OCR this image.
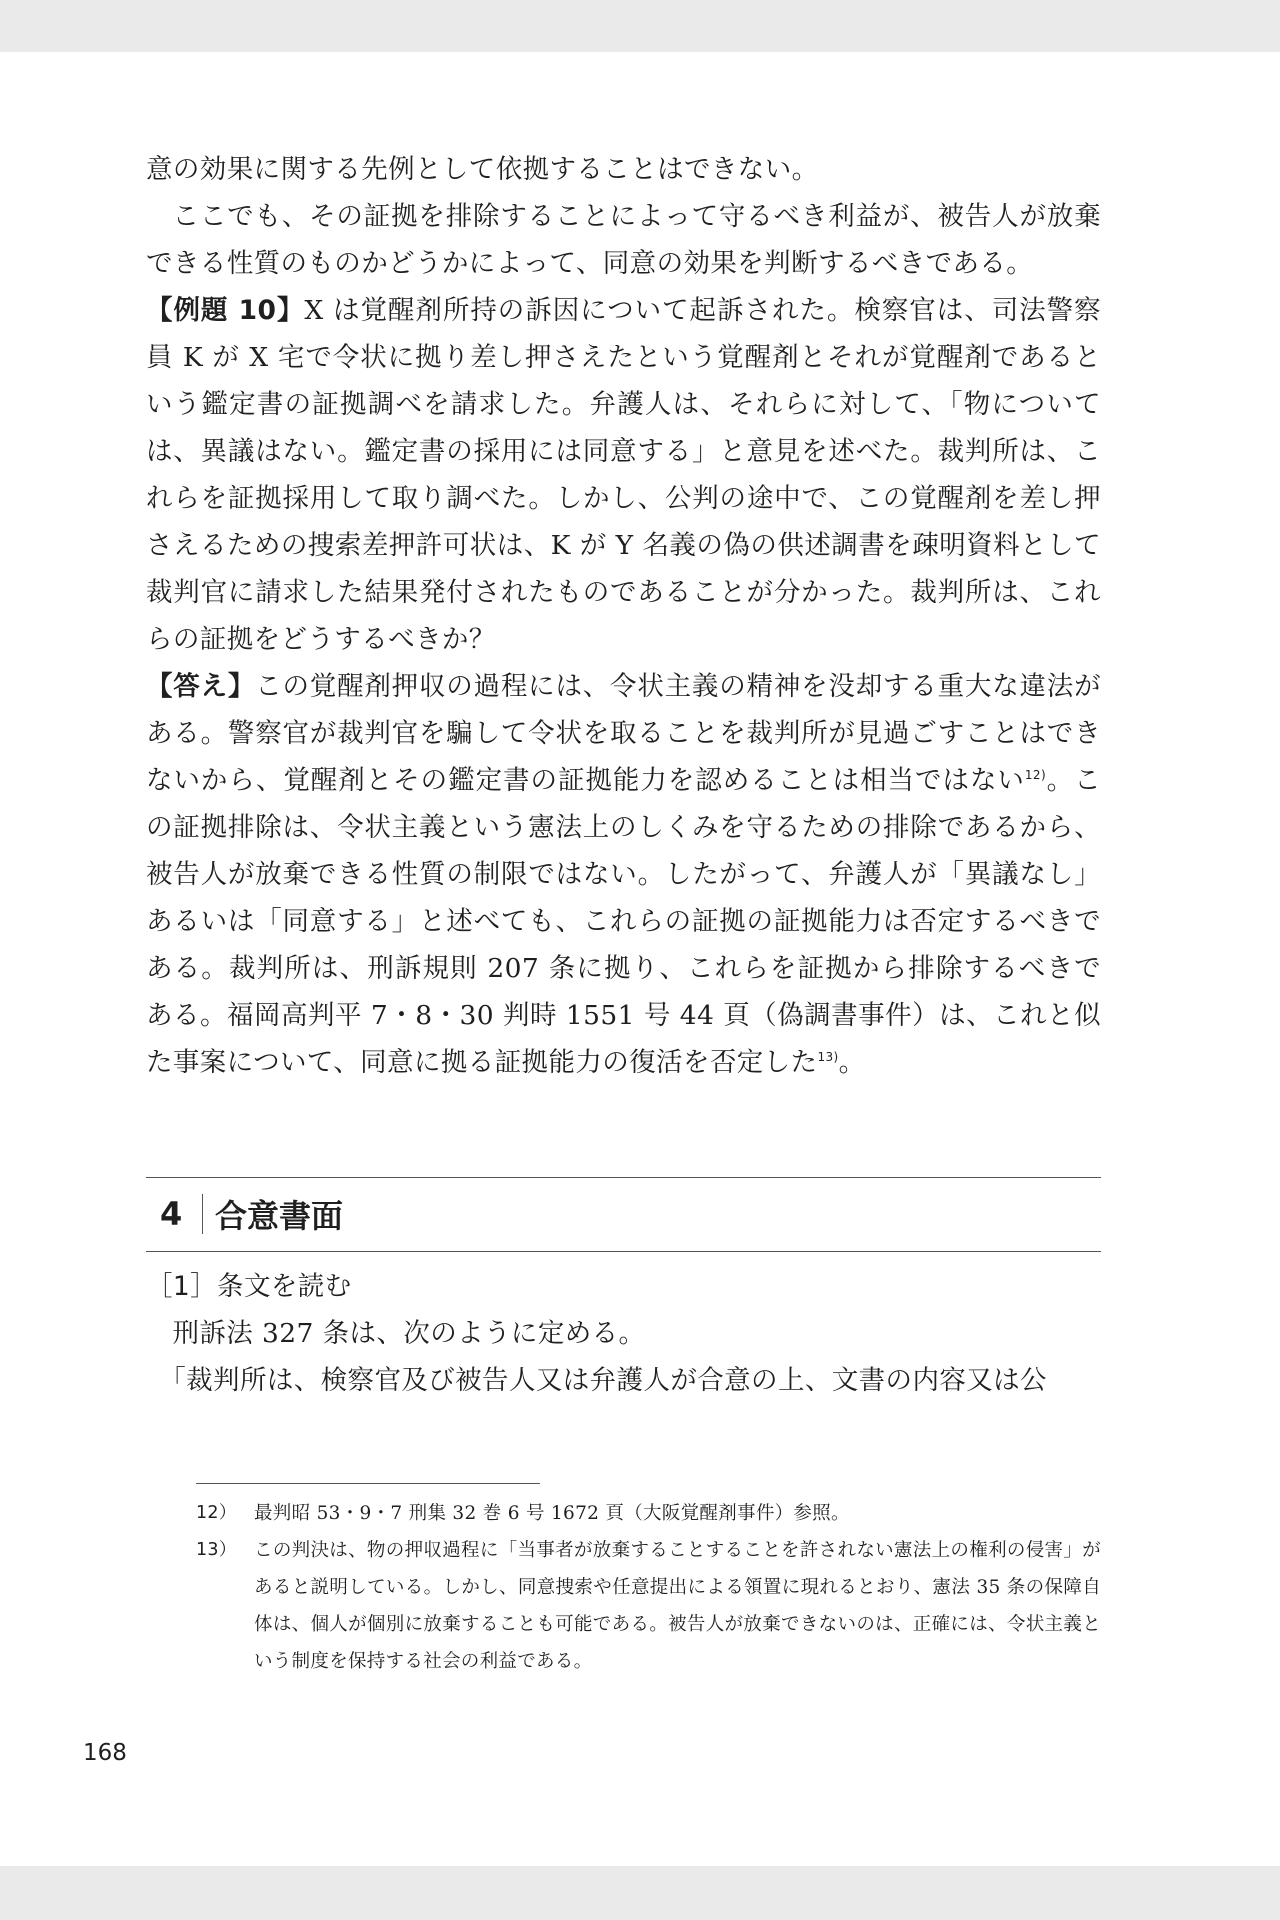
意の効果に関する先例として依拠することはできない。

ここでも、その証拠を排除することによって守るべき利益が、被告人が放棄できる性質のものかどうかによって、同意の効果を判断するべきである。

【例題 10】X は覚醒剤所持の訴因について起訴された。検察官は、司法警察員 K が X 宅で令状に拠り差し押さえたという覚醒剤とそれが覚醒剤であるという鑑定書の証拠調べを請求した。弁護人は、それらに対して、「物については、異議はない。鑑定書の採用には同意する」と意見を述べた。裁判所は、これらを証拠採用して取り調べた。しかし、公判の途中で、この覚醒剤を差し押さえるための捜索差押許可状は、K が Y 名義の偽の供述調書を疎明資料として裁判官に請求した結果発付されたものであることが分かった。裁判所は、これらの証拠をどうするべきか？

【答え】この覚醒剤押収の過程には、令状主義の精神を没却する重大な違法がある。警察官が裁判官を騙して令状を取ることを裁判所が見過ごすことはできないから、覚醒剤とその鑑定書の証拠能力を認めることは相当ではない$^{12)}$。この証拠排除は、令状主義という憲法上のしくみを守るための排除であるから、被告人が放棄できる性質の制限ではない。したがって、弁護人が「異議なし」あるいは「同意する」と述べても、これらの証拠の証拠能力は否定するべきである。裁判所は、刑訴規則 207 条に拠り、これらを証拠から排除するべきである。福岡高判平 7・8・30 判時 1551 号 44 頁（偽調書事件）は、これと似た事案について、同意に拠る証拠能力の復活を否定した$^{13)}$。

4	合意書面

［1］条文を読む

刑訴法 327 条は、次のように定める。

「裁判所は、検察官及び被告人又は弁護人が合意の上、文書の内容又は公

12） 最判昭 53・9・7 刑集 32 巻 6 号 1672 頁（大阪覚醒剤事件）参照。
13） この判決は、物の押収過程に「当事者が放棄することすることを許されない憲法上の権利の侵害」があると説明している。しかし、同意捜索や任意提出による領置に現れるとおり、憲法 35 条の保障自体は、個人が個別に放棄することも可能である。被告人が放棄できないのは、正確には、令状主義という制度を保持する社会の利益である。
168
